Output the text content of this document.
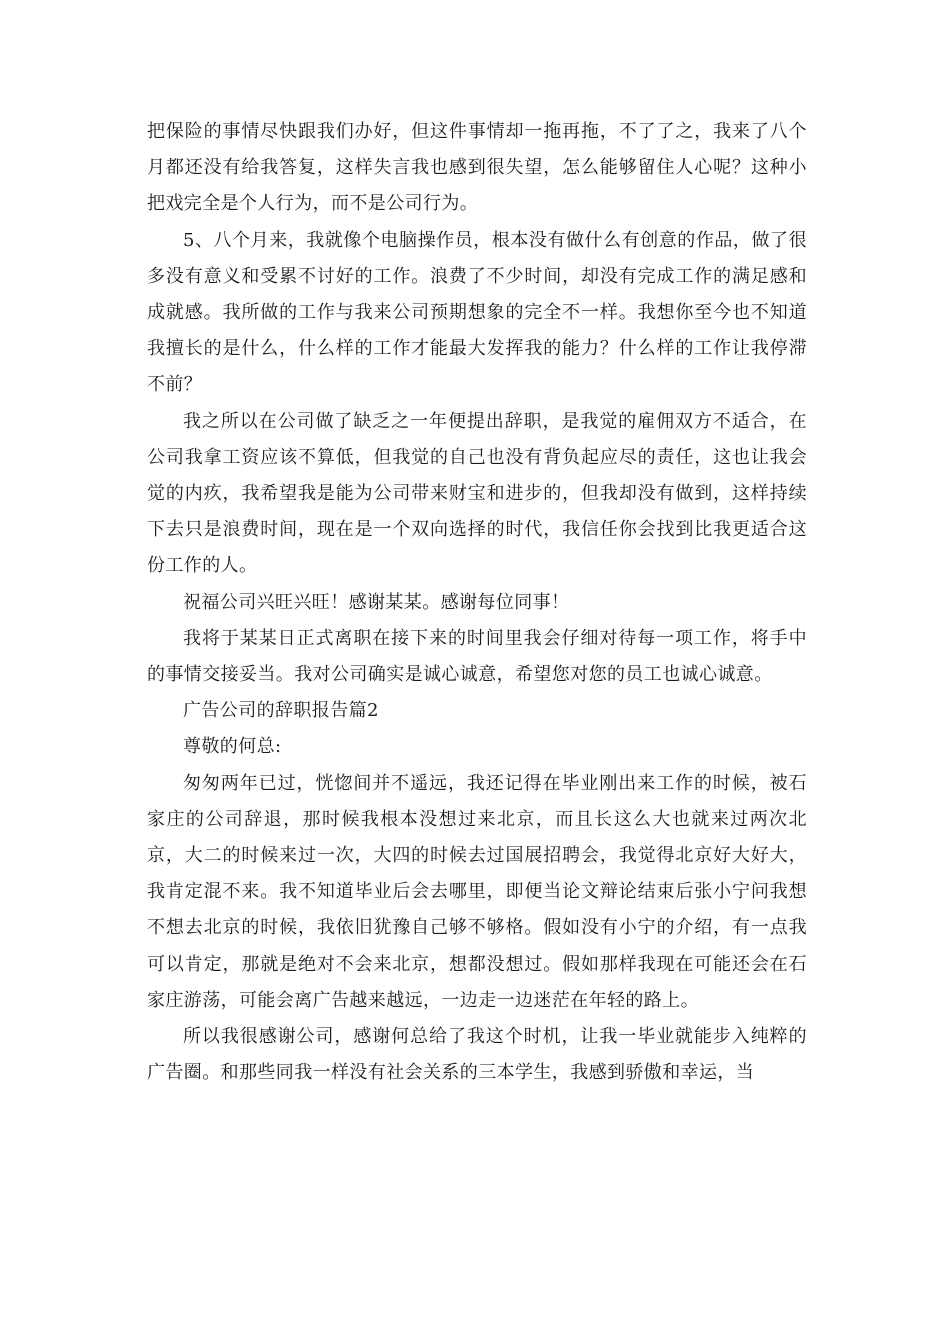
把保险的事情尽快跟我们办好，但这件事情却一拖再拖，不了了之，我来了八个月都还没有给我答复，这样失言我也感到很失望，怎么能够留住人心呢？这种小把戏完全是个人行为，而不是公司行为。

5、八个月来，我就像个电脑操作员，根本没有做什么有创意的作品，做了很多没有意义和受累不讨好的工作。浪费了不少时间，却没有完成工作的满足感和成就感。我所做的工作与我来公司预期想象的完全不一样。我想你至今也不知道我擅长的是什么，什么样的工作才能最大发挥我的能力？什么样的工作让我停滞不前？

我之所以在公司做了缺乏之一年便提出辞职，是我觉的雇佣双方不适合，在公司我拿工资应该不算低，但我觉的自己也没有背负起应尽的责任，这也让我会觉的内疚，我希望我是能为公司带来财宝和进步的，但我却没有做到，这样持续下去只是浪费时间，现在是一个双向选择的时代，我信任你会找到比我更适合这份工作的人。

祝福公司兴旺兴旺！感谢某某。感谢每位同事！

我将于某某日正式离职在接下来的时间里我会仔细对待每一项工作，将手中的事情交接妥当。我对公司确实是诚心诚意，希望您对您的员工也诚心诚意。

广告公司的辞职报告篇2

尊敬的何总:

匆匆两年已过，恍惚间并不遥远，我还记得在毕业刚出来工作的时候，被石家庄的公司辞退，那时候我根本没想过来北京，而且长这么大也就来过两次北京，大二的时候来过一次，大四的时候去过国展招聘会，我觉得北京好大好大，我肯定混不来。我不知道毕业后会去哪里，即便当论文辩论结束后张小宁问我想不想去北京的时候，我依旧犹豫自己够不够格。假如没有小宁的介绍，有一点我可以肯定，那就是绝对不会来北京，想都没想过。假如那样我现在可能还会在石家庄游荡，可能会离广告越来越远，一边走一边迷茫在年轻的路上。

所以我很感谢公司，感谢何总给了我这个时机，让我一毕业就能步入纯粹的广告圈。和那些同我一样没有社会关系的三本学生，我感到骄傲和幸运，当
